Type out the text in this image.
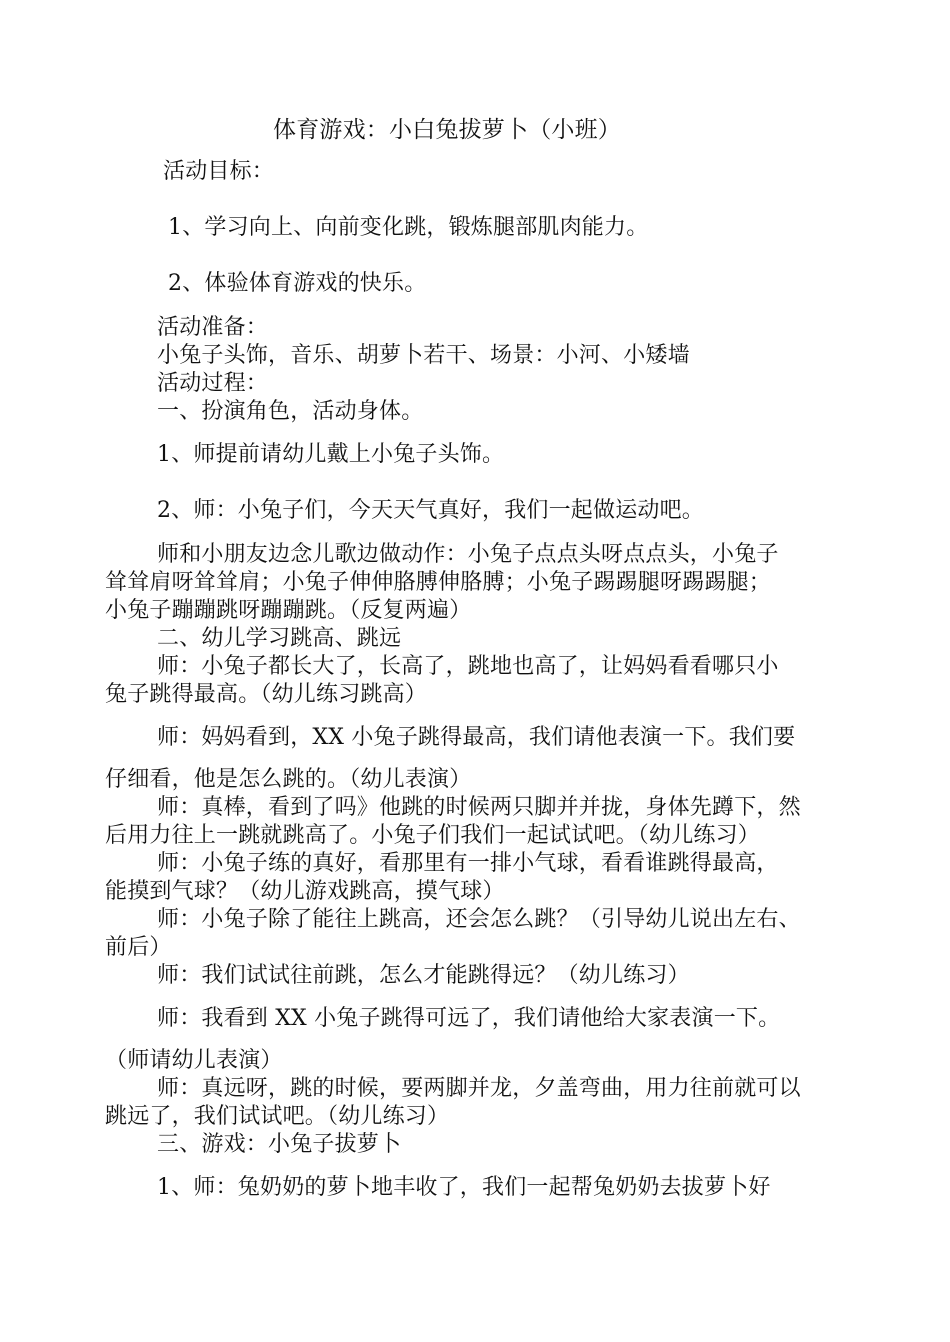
体育游戏：小白兔拔萝卜（小班）
活动目标：
1、学习向上、向前变化跳，锻炼腿部肌肉能力。
2、体验体育游戏的快乐。
活动准备：
小兔子头饰，音乐、胡萝卜若干、场景：小河、小矮墙
活动过程：
一、扮演角色，活动身体。
1、师提前请幼儿戴上小兔子头饰。
2、师：小兔子们，今天天气真好，我们一起做运动吧。
师和小朋友边念儿歌边做动作：小兔子点点头呀点点头，小兔子
耸耸肩呀耸耸肩；小兔子伸伸胳膊伸胳膊；小兔子踢踢腿呀踢踢腿；
小兔子蹦蹦跳呀蹦蹦跳。（反复两遍）
二、幼儿学习跳高、跳远
师：小兔子都长大了，长高了，跳地也高了，让妈妈看看哪只小
兔子跳得最高。（幼儿练习跳高）
师：妈妈看到，XX 小兔子跳得最高，我们请他表演一下。我们要
仔细看，他是怎么跳的。（幼儿表演）
师：真棒，看到了吗》他跳的时候两只脚并并拢，身体先蹲下，然
后用力往上一跳就跳高了。小兔子们我们一起试试吧。（幼儿练习）
师：小兔子练的真好，看那里有一排小气球，看看谁跳得最高，
能摸到气球？（幼儿游戏跳高，摸气球）
师：小兔子除了能往上跳高，还会怎么跳？（引导幼儿说出左右、
前后）
师：我们试试往前跳，怎么才能跳得远？（幼儿练习）
师：我看到 XX 小兔子跳得可远了，我们请他给大家表演一下。
（师请幼儿表演）
师：真远呀，跳的时候，要两脚并龙，夕盖弯曲，用力往前就可以
跳远了，我们试试吧。（幼儿练习）
三、游戏：小兔子拔萝卜
1、师：兔奶奶的萝卜地丰收了，我们一起帮兔奶奶去拔萝卜好
